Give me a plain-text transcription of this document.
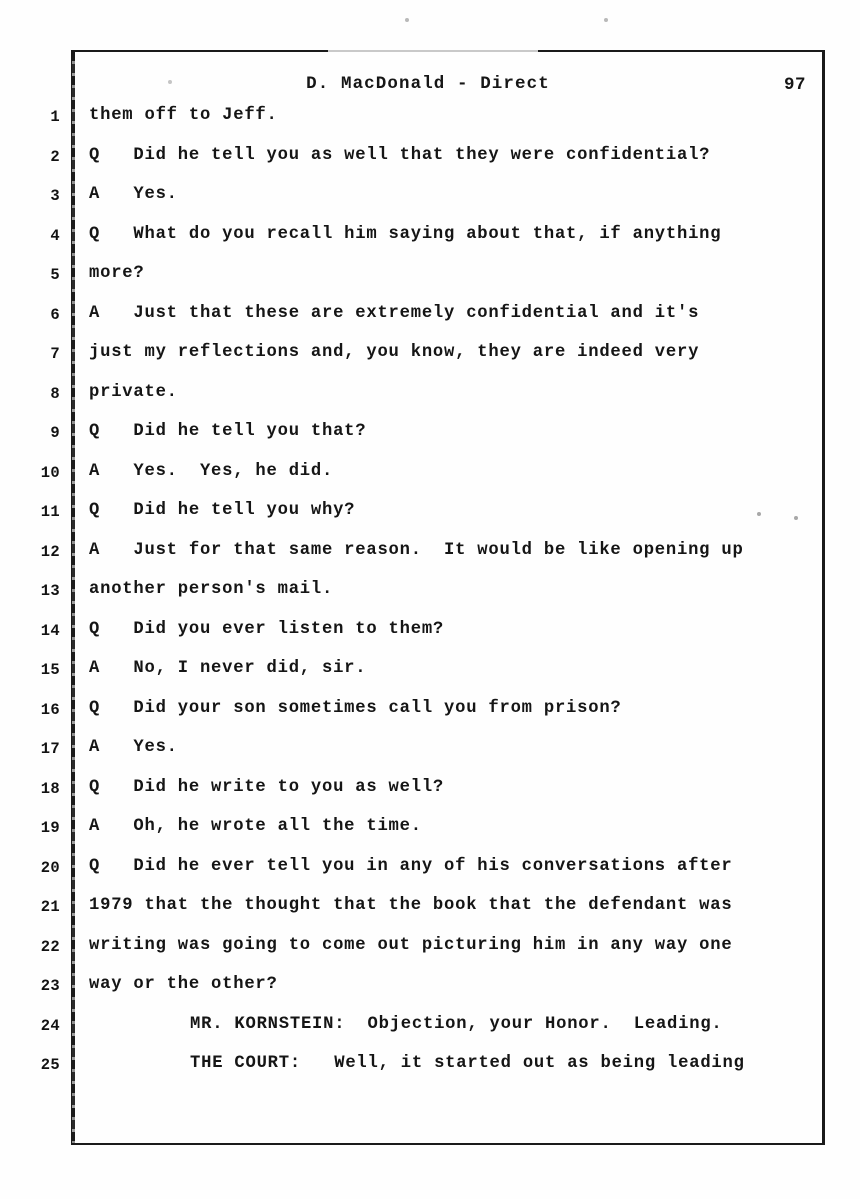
D. MacDonald - Direct	97
1 them off to Jeff.
2 Q   Did he tell you as well that they were confidential?
3 A   Yes.
4 Q   What do you recall him saying about that, if anything
5 more?
6 A   Just that these are extremely confidential and it's
7 just my reflections and, you know, they are indeed very
8 private.
9 Q   Did he tell you that?
10 A   Yes.  Yes, he did.
11 Q   Did he tell you why?
12 A   Just for that same reason.  It would be like opening up
13 another person's mail.
14 Q   Did you ever listen to them?
15 A   No, I never did, sir.
16 Q   Did your son sometimes call you from prison?
17 A   Yes.
18 Q   Did he write to you as well?
19 A   Oh, he wrote all the time.
20 Q   Did he ever tell you in any of his conversations after
21 1979 that the thought that the book that the defendant was
22 writing was going to come out picturing him in any way one
23 way or the other?
24	MR. KORNSTEIN:  Objection, your Honor.  Leading.
25	THE COURT:   Well, it started out as being leading
